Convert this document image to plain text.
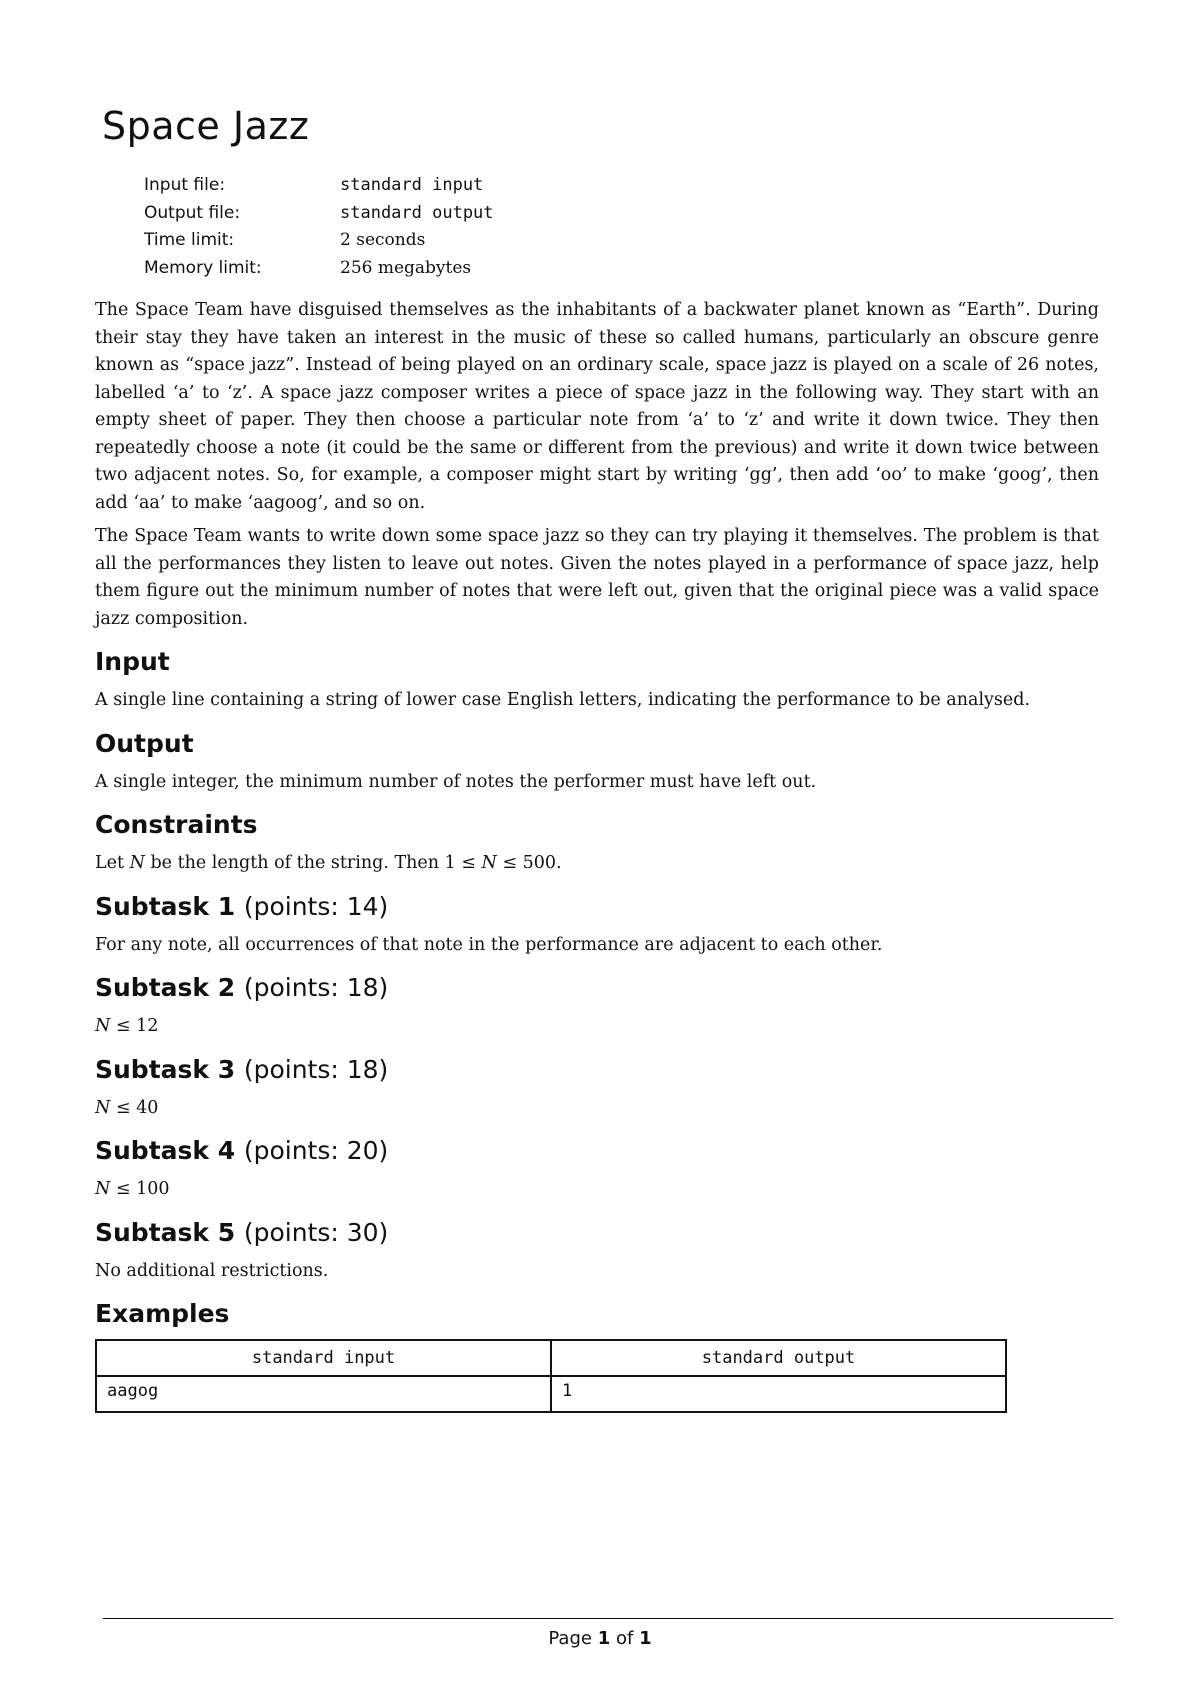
Space Jazz
Input file:	standard input
Output file:	standard output
Time limit:	2 seconds
Memory limit:	256 megabytes

The Space Team have disguised themselves as the inhabitants of a backwater planet known as “Earth”. During their stay they have taken an interest in the music of these so called humans, particularly an obscure genre known as “space jazz”. Instead of being played on an ordinary scale, space jazz is played on a scale of 26 notes, labelled ‘a’ to ‘z’. A space jazz composer writes a piece of space jazz in the following way. They start with an empty sheet of paper. They then choose a particular note from ‘a’ to ‘z’ and write it down twice. They then repeatedly choose a note (it could be the same or different from the previous) and write it down twice between two adjacent notes. So, for example, a composer might start by writing ‘gg’, then add ‘oo’ to make ‘goog’, then add ‘aa’ to make ‘aagoog’, and so on.

The Space Team wants to write down some space jazz so they can try playing it themselves. The problem is that all the performances they listen to leave out notes. Given the notes played in a performance of space jazz, help them figure out the minimum number of notes that were left out, given that the original piece was a valid space jazz composition.

Input

A single line containing a string of lower case English letters, indicating the performance to be analysed.

Output

A single integer, the minimum number of notes the performer must have left out.

Constraints

Let N be the length of the string. Then 1 ≤ N ≤ 500.

Subtask 1 (points: 14)

For any note, all occurrences of that note in the performance are adjacent to each other.

Subtask 2 (points: 18)

N ≤ 12

Subtask 3 (points: 18)

N ≤ 40

Subtask 4 (points: 20)

N ≤ 100

Subtask 5 (points: 30)

No additional restrictions.

Examples
standard input	standard output
aagog	1
Page 1 of 1
